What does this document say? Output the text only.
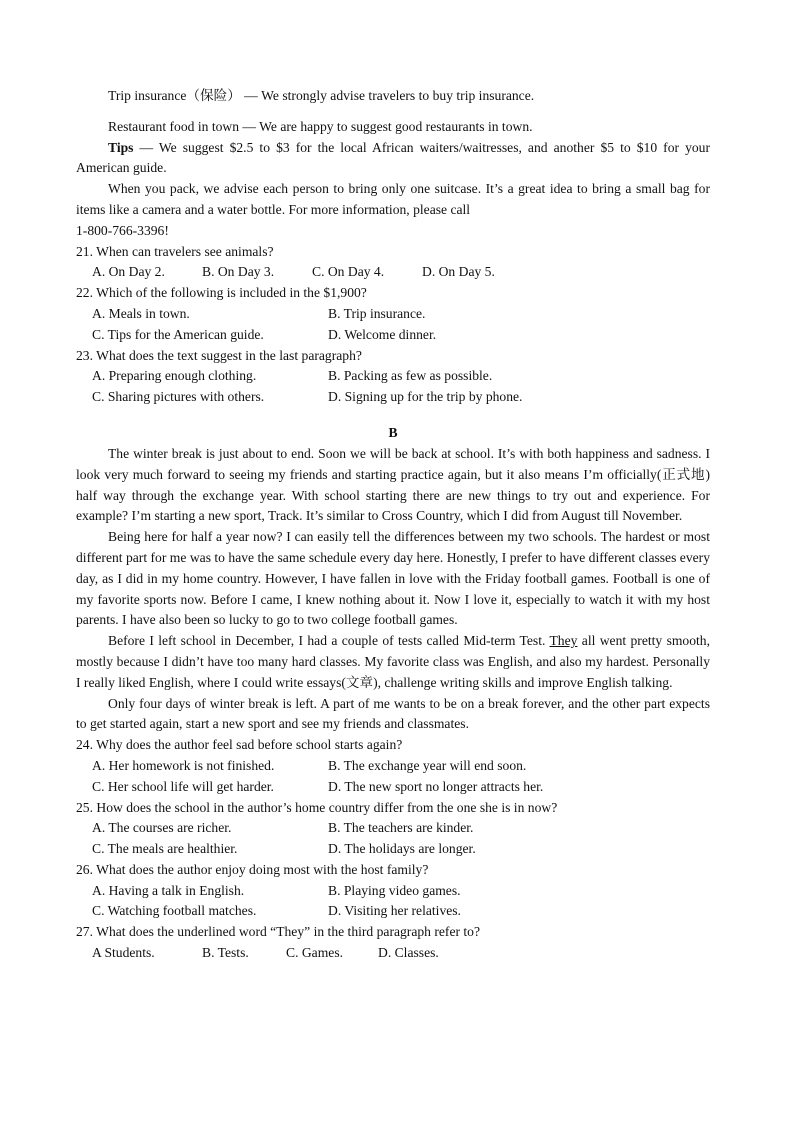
Trip insurance（保险） — We strongly advise travelers to buy trip insurance.

Restaurant food in town — We are happy to suggest good restaurants in town.

Tips — We suggest $2.5 to $3 for the local African waiters/waitresses, and another $5 to $10 for your American guide.

When you pack, we advise each person to bring only one suitcase. It’s a great idea to bring a small bag for items like a camera and a water bottle. For more information, please call

1-800-766-3396!

21. When can travelers see animals?

A. On Day 2.	B. On Day 3.	C. On Day 4.	D. On Day 5.

22. Which of the following is included in the $1,900?

A. Meals in town.	B. Trip insurance.
C. Tips for the American guide.	D. Welcome dinner.

23. What does the text suggest in the last paragraph?

A. Preparing enough clothing.	B. Packing as few as possible.
C. Sharing pictures with others.	D. Signing up for the trip by phone.

B

The winter break is just about to end. Soon we will be back at school. It’s with both happiness and sadness. I look very much forward to seeing my friends and starting practice again, but it also means I’m officially(正式地) half way through the exchange year. With school starting there are new things to try out and experience. For example? I’m starting a new sport, Track. It’s similar to Cross Country, which I did from August till November.

Being here for half a year now? I can easily tell the differences between my two schools. The hardest or most different part for me was to have the same schedule every day here. Honestly, I prefer to have different classes every day, as I did in my home country. However, I have fallen in love with the Friday football games. Football is one of my favorite sports now. Before I came, I knew nothing about it. Now I love it, especially to watch it with my host parents. I have also been so lucky to go to two college football games.

Before I left school in December, I had a couple of tests called Mid-term Test. They all went pretty smooth, mostly because I didn’t have too many hard classes. My favorite class was English, and also my hardest. Personally I really liked English, where I could write essays(文章), challenge writing skills and improve English talking.

Only four days of winter break is left. A part of me wants to be on a break forever, and the other part expects to get started again, start a new sport and see my friends and classmates.

24. Why does the author feel sad before school starts again?

A. Her homework is not finished.	B. The exchange year will end soon.
C. Her school life will get harder.	D. The new sport no longer attracts her.

25. How does the school in the author’s home country differ from the one she is in now?

A. The courses are richer.	B. The teachers are kinder.
C. The meals are healthier.	D. The holidays are longer.

26. What does the author enjoy doing most with the host family?

A. Having a talk in English.	B. Playing video games.
C. Watching football matches.	D. Visiting her relatives.

27. What does the underlined word “They” in the third paragraph refer to?

A Students.	B. Tests.	C. Games.	D. Classes.
